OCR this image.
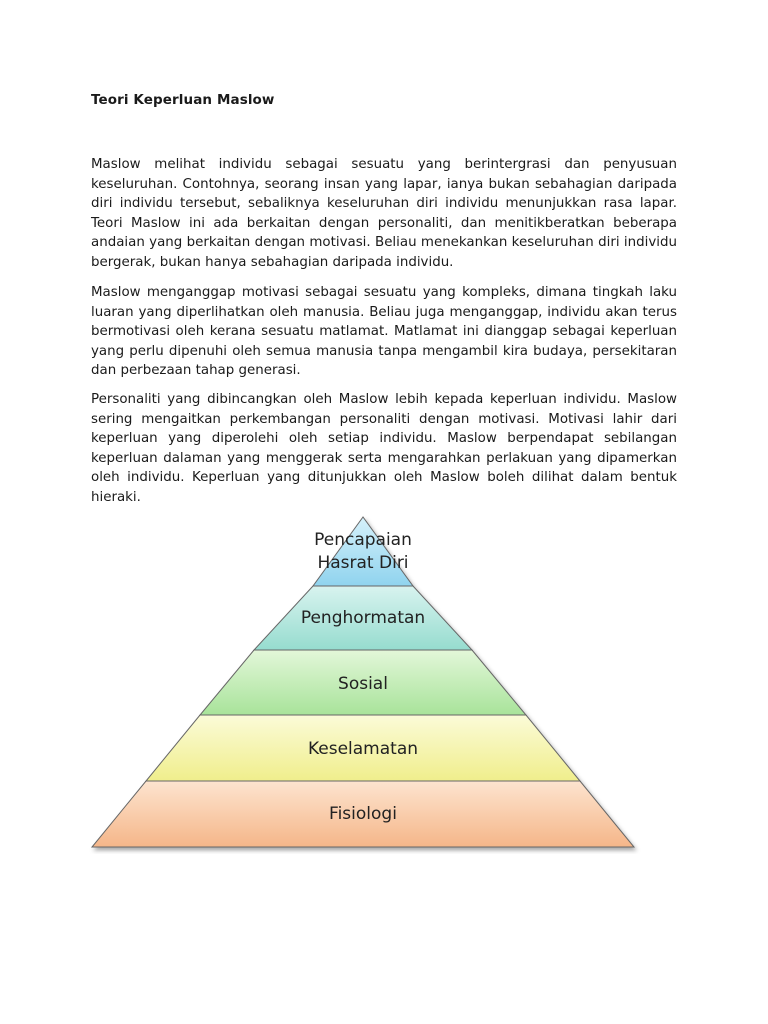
Teori Keperluan Maslow

Maslow melihat individu sebagai sesuatu yang berintergrasi dan penyusuan keseluruhan. Contohnya, seorang insan yang lapar, ianya bukan sebahagian daripada diri individu tersebut, sebaliknya keseluruhan diri individu menunjukkan rasa lapar. Teori Maslow ini ada berkaitan dengan personaliti, dan menitikberatkan beberapa andaian yang berkaitan dengan motivasi. Beliau menekankan keseluruhan diri individu bergerak, bukan hanya sebahagian daripada individu.

Maslow menganggap motivasi sebagai sesuatu yang kompleks, dimana tingkah laku luaran yang diperlihatkan oleh manusia. Beliau juga menganggap, individu akan terus bermotivasi oleh kerana sesuatu matlamat. Matlamat ini dianggap sebagai keperluan yang perlu dipenuhi oleh semua manusia tanpa mengambil kira budaya, persekitaran dan perbezaan tahap generasi.

Personaliti yang dibincangkan oleh Maslow lebih kepada keperluan individu. Maslow sering mengaitkan perkembangan personaliti dengan motivasi. Motivasi lahir dari keperluan yang diperolehi oleh setiap individu. Maslow berpendapat sebilangan keperluan dalaman yang menggerak serta mengarahkan perlakuan yang dipamerkan oleh individu. Keperluan yang ditunjukkan oleh Maslow boleh dilihat dalam bentuk hieraki.

Pencapaian
Hasrat Diri
Penghormatan
Sosial
Keselamatan
Fisiologi
